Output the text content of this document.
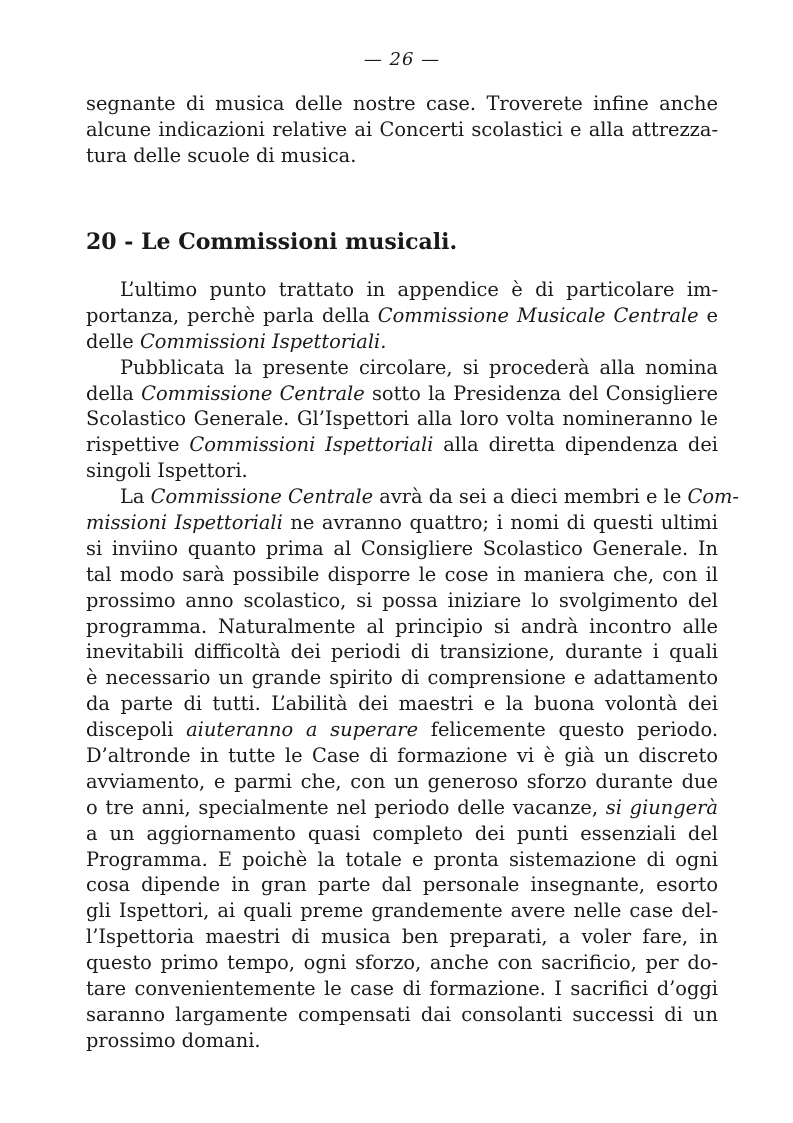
— 26 —
segnante di musica delle nostre case. Troverete infine anche
alcune indicazioni relative ai Concerti scolastici e alla attrezza-
tura delle scuole di musica.
20 - Le Commissioni musicali.
L’ultimo punto trattato in appendice è di particolare im-
portanza, perchè parla della Commissione Musicale Centrale e
delle Commissioni Ispettoriali.
Pubblicata la presente circolare, si procederà alla nomina
della Commissione Centrale sotto la Presidenza del Consigliere
Scolastico Generale. Gl’Ispettori alla loro volta nomineranno le
rispettive Commissioni Ispettoriali alla diretta dipendenza dei
singoli Ispettori.
La Commissione Centrale avrà da sei a dieci membri e le Com-
missioni Ispettoriali ne avranno quattro; i nomi di questi ultimi
si inviino quanto prima al Consigliere Scolastico Generale. In
tal modo sarà possibile disporre le cose in maniera che, con il
prossimo anno scolastico, si possa iniziare lo svolgimento del
programma. Naturalmente al principio si andrà incontro alle
inevitabili difficoltà dei periodi di transizione, durante i quali
è necessario un grande spirito di comprensione e adattamento
da parte di tutti. L’abilità dei maestri e la buona volontà dei
discepoli aiuteranno a superare felicemente questo periodo.
D’altronde in tutte le Case di formazione vi è già un discreto
avviamento, e parmi che, con un generoso sforzo durante due
o tre anni, specialmente nel periodo delle vacanze, si giungerà
a un aggiornamento quasi completo dei punti essenziali del
Programma. E poichè la totale e pronta sistemazione di ogni
cosa dipende in gran parte dal personale insegnante, esorto
gli Ispettori, ai quali preme grandemente avere nelle case del-
l’Ispettoria maestri di musica ben preparati, a voler fare, in
questo primo tempo, ogni sforzo, anche con sacrificio, per do-
tare convenientemente le case di formazione. I sacrifici d’oggi
saranno largamente compensati dai consolanti successi di un
prossimo domani.
